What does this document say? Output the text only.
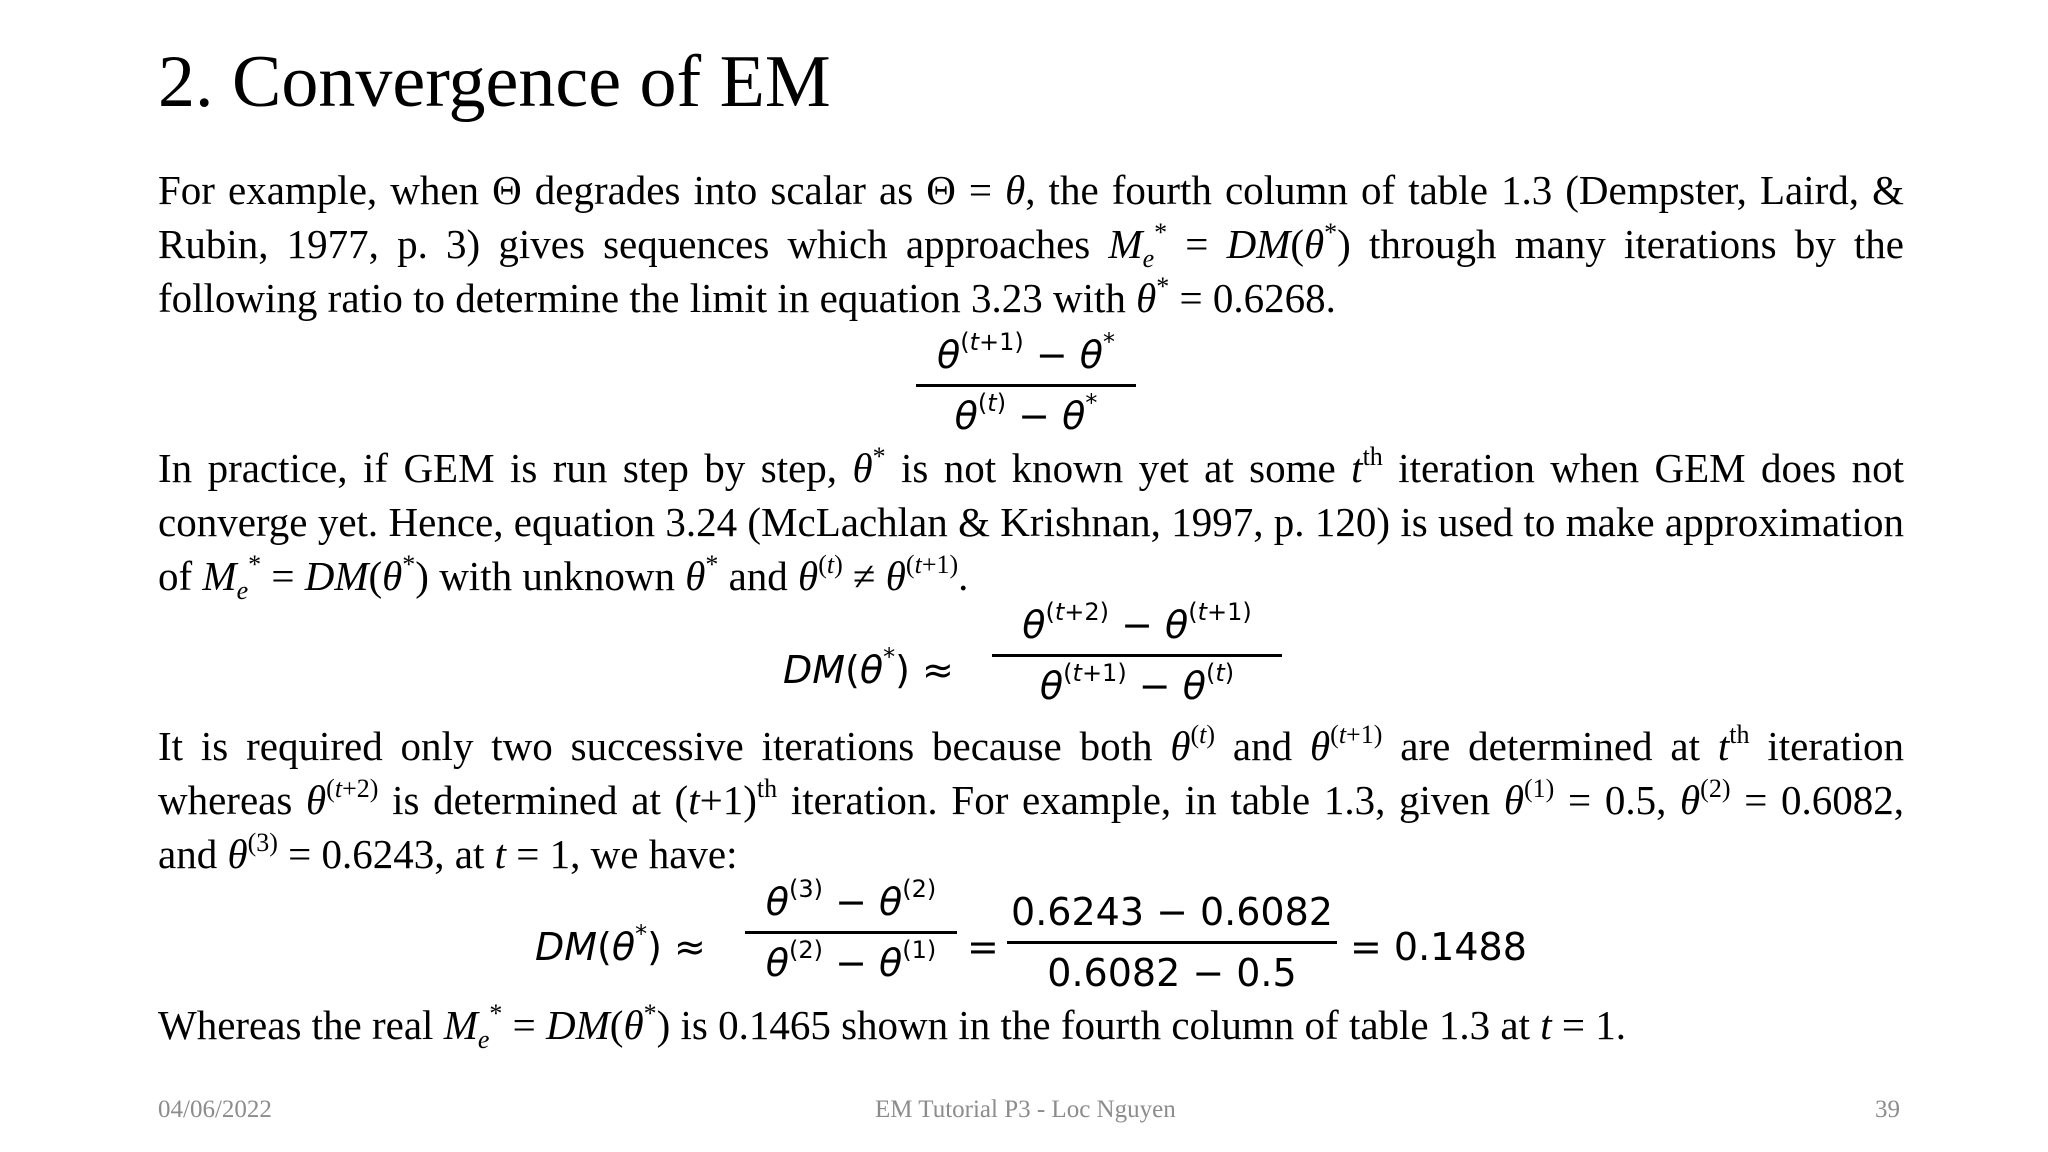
2. Convergence of EM

For example, when Θ degrades into scalar as Θ = θ, the fourth column of table 1.3 (Dempster, Laird, & Rubin, 1977, p. 3) gives sequences which approaches $M_e^* = DM(\theta^*)$ through many iterations by the following ratio to determine the limit in equation 3.23 with θ* = 0.6268.

$\theta^{(t+1)} - \theta^*$
$\theta^{(t)} - \theta^*$

In practice, if GEM is run step by step, θ* is not known yet at some $t^{th}$ iteration when GEM does not converge yet. Hence, equation 3.24 (McLachlan & Krishnan, 1997, p. 120) is used to make approximation of $M_e^* = DM(\theta^*)$ with unknown θ* and $\theta^{(t)} \ne \theta^{(t+1)}$.

DM(θ*) ≈
$\theta^{(t+2)} - \theta^{(t+1)}$
$\theta^{(t+1)} - \theta^{(t)}$

It is required only two successive iterations because both $\theta^{(t)}$ and $\theta^{(t+1)}$ are determined at $t^{th}$ iteration whereas $\theta^{(t+2)}$ is determined at $(t+1)^{th}$ iteration. For example, in table 1.3, given $\theta^{(1)} = 0.5$, $\theta^{(2)} = 0.6082$, and $\theta^{(3)} = 0.6243$, at t = 1, we have:

DM(θ*) ≈
$\theta^{(3)} - \theta^{(2)}$
$\theta^{(2)} - \theta^{(1)}$ =
0.6243 − 0.6082
0.6082 − 0.5
= 0.1488

Whereas the real $M_e^* = DM(\theta^*)$ is 0.1465 shown in the fourth column of table 1.3 at t = 1.

04/06/2022	EM Tutorial P3 - Loc Nguyen	39
